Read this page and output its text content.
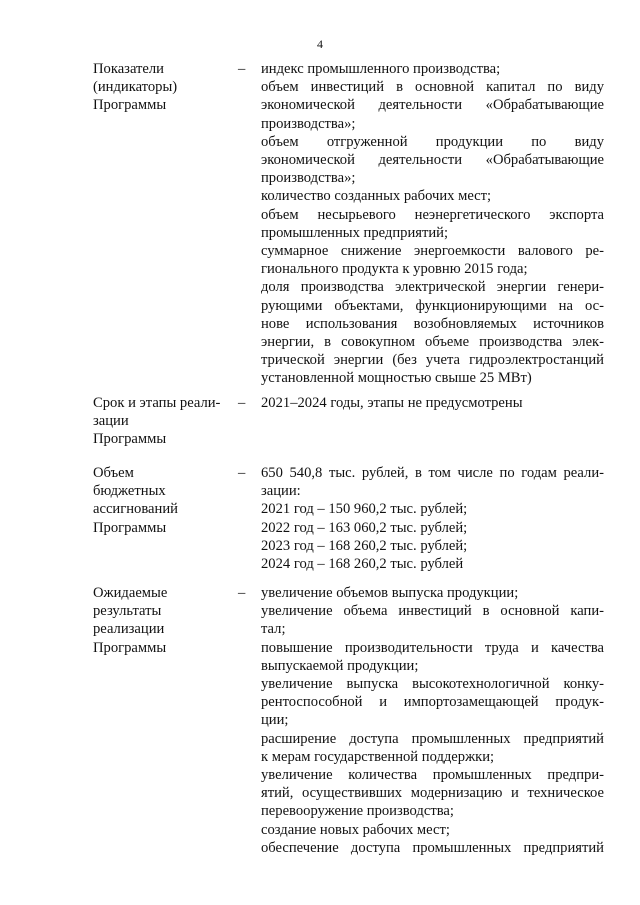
4
Показатели
(индикаторы)
Программы
– индекс промышленного производства;
объем инвестиций в основной капитал по виду
экономической деятельности «Обрабатывающие
производства»;
объем отгруженной продукции по виду
экономической деятельности «Обрабатывающие
производства»;
количество созданных рабочих мест;
объем несырьевого неэнергетического экспорта
промышленных предприятий;
суммарное снижение энергоемкости валового ре-
гионального продукта к уровню 2015 года;
доля производства электрической энергии генери-
рующими объектами, функционирующими на ос-
нове использования возобновляемых источников
энергии, в совокупном объеме производства элек-
трической энергии (без учета гидроэлектростанций
установленной мощностью свыше 25 МВт)
Срок и этапы реали-
зации
Программы
– 2021–2024 годы, этапы не предусмотрены
Объем
бюджетных
ассигнований
Программы
– 650 540,8 тыс. рублей, в том числе по годам реали-
зации:
2021 год – 150 960,2 тыс. рублей;
2022 год – 163 060,2 тыс. рублей;
2023 год – 168 260,2 тыс. рублей;
2024 год – 168 260,2 тыс. рублей
Ожидаемые
результаты
реализации
Программы
– увеличение объемов выпуска продукции;
увеличение объема инвестиций в основной капи-
тал;
повышение производительности труда и качества
выпускаемой продукции;
увеличение выпуска высокотехнологичной конку-
рентоспособной и импортозамещающей продук-
ции;
расширение доступа промышленных предприятий
к мерам государственной поддержки;
увеличение количества промышленных предпри-
ятий, осуществивших модернизацию и техническое
перевооружение производства;
создание новых рабочих мест;
обеспечение доступа промышленных предприятий
